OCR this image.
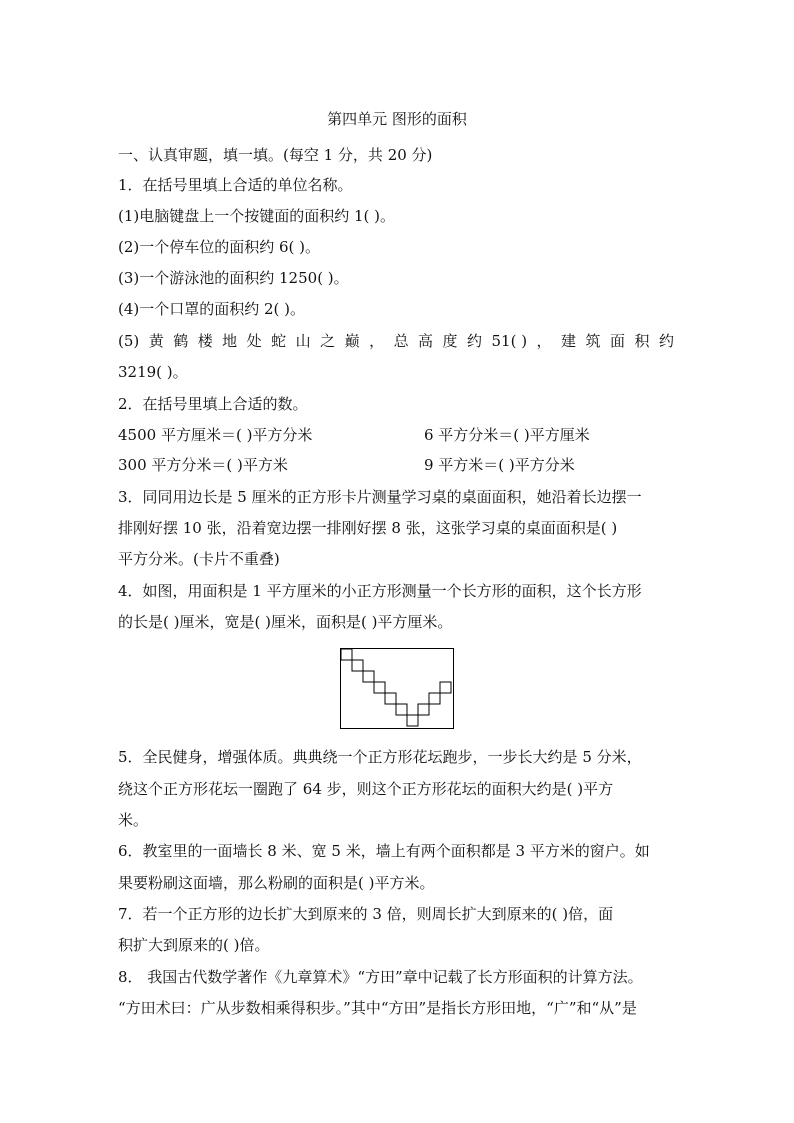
第四单元 图形的面积
一、认真审题，填一填。(每空 1 分，共 20 分)
1．在括号里填上合适的单位名称。
(1)电脑键盘上一个按键面的面积约 1( )。
(2)一个停车位的面积约 6( )。
(3)一个游泳池的面积约 1250( )。
(4)一个口罩的面积约 2( )。
(5) 黄 鹤 楼 地 处 蛇 山 之 巅 ， 总 高 度 约 51( ) ， 建 筑 面 积 约
3219( )。
2．在括号里填上合适的数。
4500 平方厘米＝( )平方分米	6 平方分米＝( )平方厘米
300 平方分米＝( )平方米	9 平方米＝( )平方分米
3．同同用边长是 5 厘米的正方形卡片测量学习桌的桌面面积，她沿着长边摆一
排刚好摆 10 张，沿着宽边摆一排刚好摆 8 张，这张学习桌的桌面面积是( )
平方分米。(卡片不重叠)
4．如图，用面积是 1 平方厘米的小正方形测量一个长方形的面积，这个长方形
的长是( )厘米，宽是( )厘米，面积是( )平方厘米。
5．全民健身，增强体质。典典绕一个正方形花坛跑步，一步长大约是 5 分米，
绕这个正方形花坛一圈跑了 64 步，则这个正方形花坛的面积大约是( )平方
米。
6．教室里的一面墙长 8 米、宽 5 米，墙上有两个面积都是 3 平方米的窗户。如
果要粉刷这面墙，那么粉刷的面积是( )平方米。
7．若一个正方形的边长扩大到原来的 3 倍，则周长扩大到原来的( )倍，面
积扩大到原来的( )倍。
8． 我国古代数学著作《九章算术》“方田”章中记载了长方形面积的计算方法。
“方田术曰：广从步数相乘得积步。”其中“方田”是指长方形田地，“广”和“从”是
